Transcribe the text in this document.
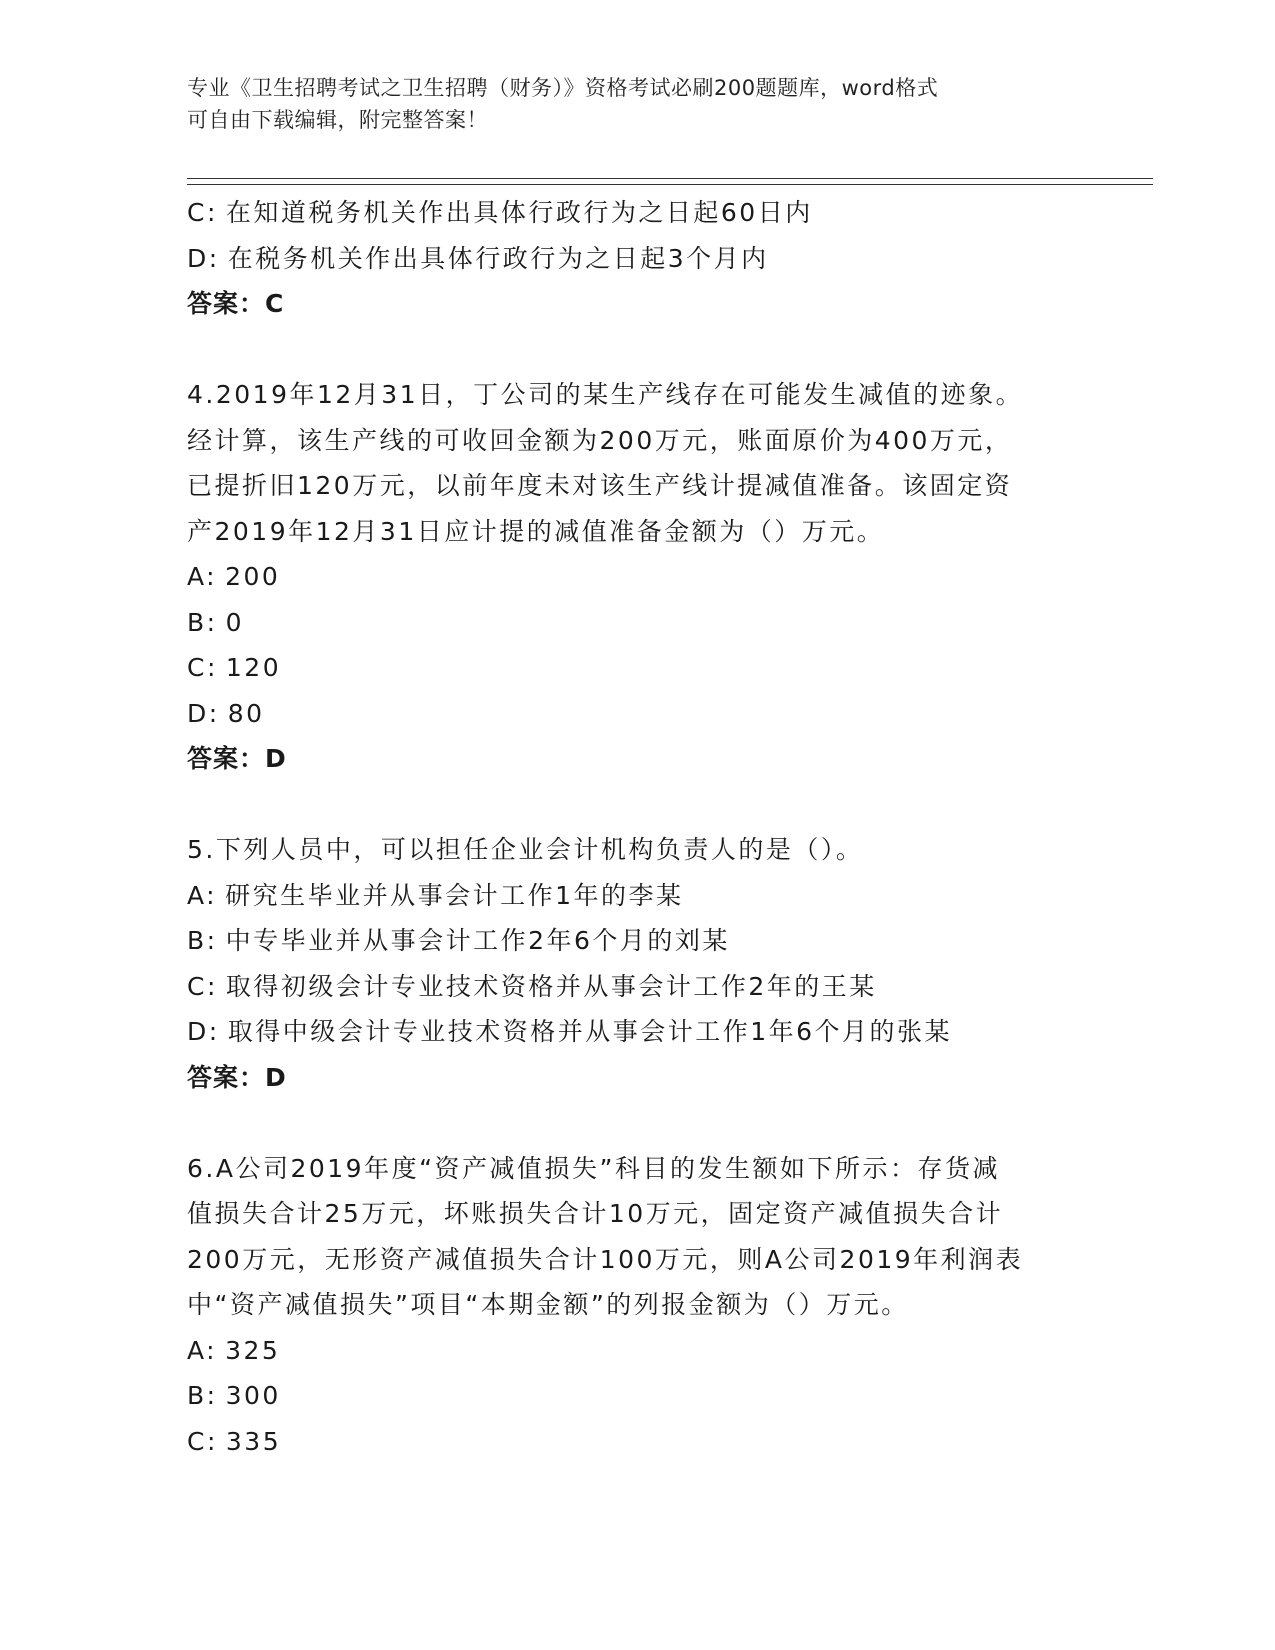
专业《卫生招聘考试之卫生招聘（财务）》资格考试必刷200题题库，word格式
可自由下载编辑，附完整答案！
C: 在知道税务机关作出具体行政行为之日起60日内
D: 在税务机关作出具体行政行为之日起3个月内
答案：C
4.2019年12月31日，丁公司的某生产线存在可能发生减值的迹象。
经计算，该生产线的可收回金额为200万元，账面原价为400万元，
已提折旧120万元，以前年度未对该生产线计提减值准备。该固定资
产2019年12月31日应计提的减值准备金额为（）万元。
A: 200
B: 0
C: 120
D: 80
答案：D
5.下列人员中，可以担任企业会计机构负责人的是（）。
A: 研究生毕业并从事会计工作1年的李某
B: 中专毕业并从事会计工作2年6个月的刘某
C: 取得初级会计专业技术资格并从事会计工作2年的王某
D: 取得中级会计专业技术资格并从事会计工作1年6个月的张某
答案：D
6.A公司2019年度“资产减值损失”科目的发生额如下所示：存货减
值损失合计25万元，坏账损失合计10万元，固定资产减值损失合计
200万元，无形资产减值损失合计100万元，则A公司2019年利润表
中“资产减值损失”项目“本期金额”的列报金额为（）万元。
A: 325
B: 300
C: 335
